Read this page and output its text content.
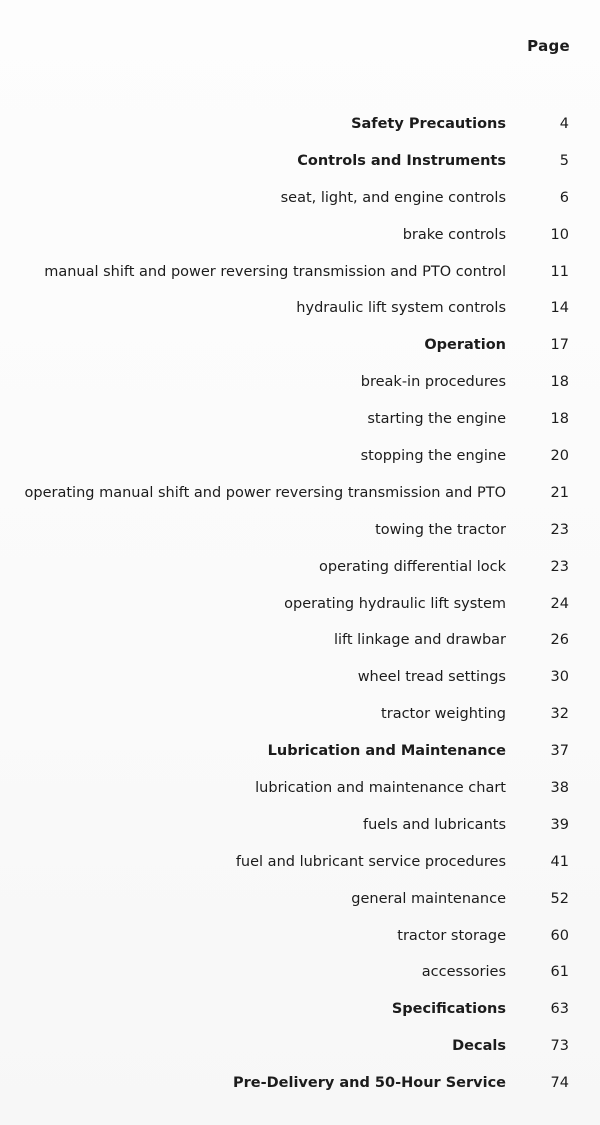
Page
Safety Precautions	4
Controls and Instruments	5
seat, light, and engine controls	6
brake controls	10
manual shift and power reversing transmission and PTO control	11
hydraulic lift system controls	14
Operation	17
break-in procedures	18
starting the engine	18
stopping the engine	20
operating manual shift and power reversing transmission and PTO	21
towing the tractor	23
operating differential lock	23
operating hydraulic lift system	24
lift linkage and drawbar	26
wheel tread settings	30
tractor weighting	32
Lubrication and Maintenance	37
lubrication and maintenance chart	38
fuels and lubricants	39
fuel and lubricant service procedures	41
general maintenance	52
tractor storage	60
accessories	61
Specifications	63
Decals	73
Pre-Delivery and 50-Hour Service	74
